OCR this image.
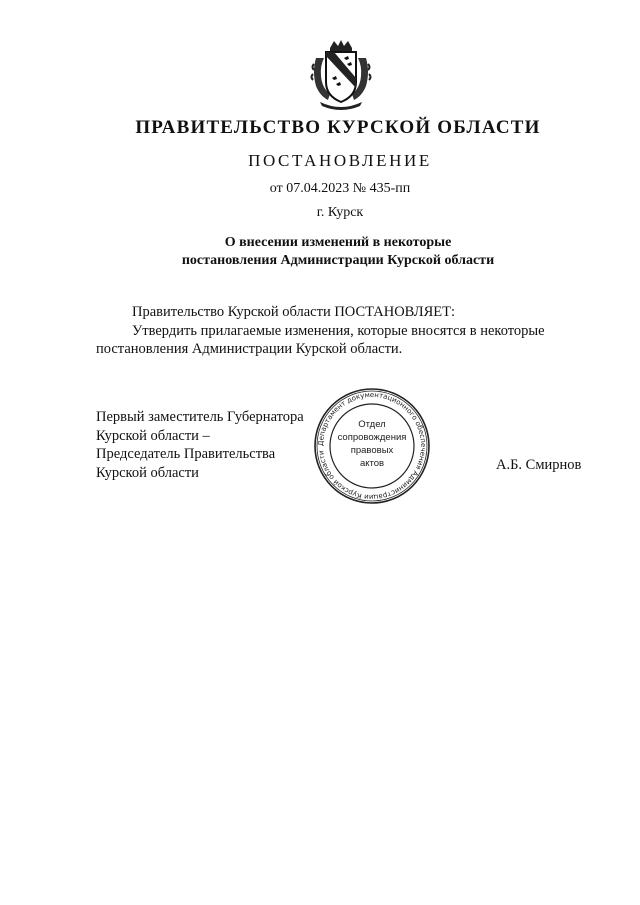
ПРАВИТЕЛЬСТВО КУРСКОЙ ОБЛАСТИ
ПОСТАНОВЛЕНИЕ
от 07.04.2023 № 435-пп
г. Курск
О внесении изменений в некоторые
постановления Администрации Курской области

Правительство Курской области ПОСТАНОВЛЯЕТ:

Утвердить прилагаемые изменения, которые вносятся в некоторые

постановления Администрации Курской области.

Первый заместитель Губернатора
Курской области –
Председатель Правительства
Курской области
Департамент документационного обеспечения Администрации Курской области
Отдел
сопровождения
правовых
актов	А.Б. Смирнов
